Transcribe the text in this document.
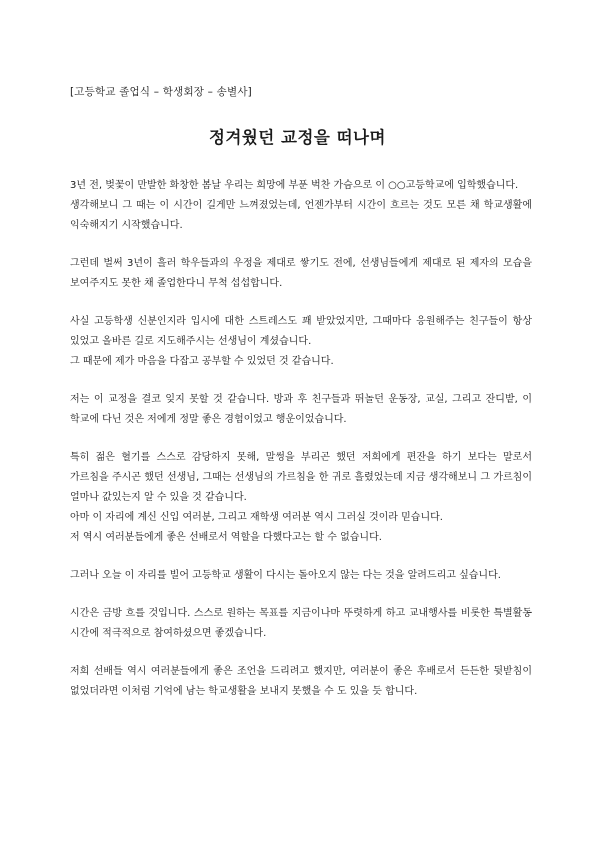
[고등학교 졸업식 – 학생회장 – 송별사]
정겨웠던 교정을 떠나며

3년 전, 벚꽃이 만발한 화창한 봄날 우리는 희망에 부푼 벅찬 가슴으로 이 ○○고등학교에 입학했습니다.
생각해보니 그 때는 이 시간이 길게만 느껴졌었는데, 언젠가부터 시간이 흐르는 것도 모른 채 학교생활에 익숙해지기 시작했습니다.

그런데 벌써 3년이 흘러 학우들과의 우정을 제대로 쌓기도 전에, 선생님들에게 제대로 된 제자의 모습을 보여주지도 못한 채 졸업한다니 무척 섭섭합니다.

사실 고등학생 신분인지라 입시에 대한 스트레스도 꽤 받았었지만, 그때마다 응원해주는 친구들이 항상 있었고 올바른 길로 지도해주시는 선생님이 계셨습니다.
그 때문에 제가 마음을 다잡고 공부할 수 있었던 것 같습니다.

저는 이 교정을 결코 잊지 못할 것 같습니다. 방과 후 친구들과 뛰놀던 운동장, 교실, 그리고 잔디밭, 이 학교에 다닌 것은 저에게 정말 좋은 경험이었고 행운이었습니다.

특히 젊은 혈기를 스스로 감당하지 못해, 말썽을 부리곤 했던 저희에게 편잔을 하기 보다는 말로서 가르침을 주시곤 했던 선생님, 그때는 선생님의 가르침을 한 귀로 흘렸었는데 지금 생각해보니 그 가르침이 얼마나 값있는지 알 수 있을 것 같습니다.
아마 이 자리에 계신 신입 여러분, 그리고 재학생 여러분 역시 그러실 것이라 믿습니다.
저 역시 여러분들에게 좋은 선배로서 역할을 다했다고는 할 수 없습니다.

그러나 오늘 이 자리를 빌어 고등학교 생활이 다시는 돌아오지 않는 다는 것을 알려드리고 싶습니다.

시간은 금방 흐를 것입니다. 스스로 원하는 목표를 지금이나마 뚜렷하게 하고 교내행사를 비롯한 특별활동 시간에 적극적으로 참여하셨으면 좋겠습니다.

저희 선배들 역시 여러분들에게 좋은 조언을 드리려고 했지만, 여러분이 좋은 후배로서 든든한 뒷받침이 없었더라면 이처럼 기억에 남는 학교생활을 보내지 못했을 수 도 있을 듯 합니다.
